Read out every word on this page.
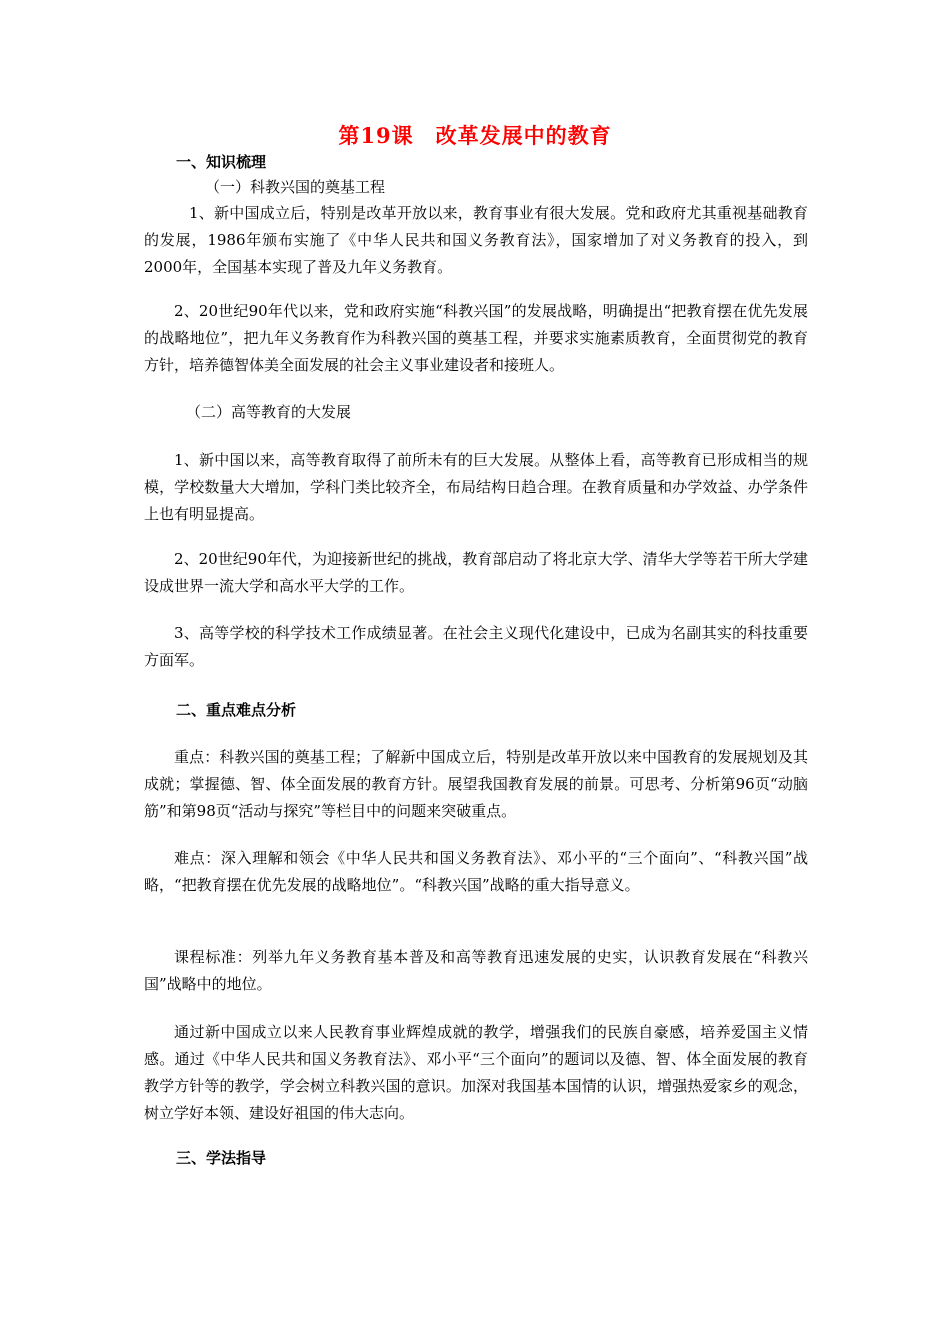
第19课　改革发展中的教育
一、知识梳理
（一）科教兴国的奠基工程

1、新中国成立后，特别是改革开放以来，教育事业有很大发展。党和政府尤其重视基础教育的发展，1986年颁布实施了《中华人民共和国义务教育法》，国家增加了对义务教育的投入，到2000年，全国基本实现了普及九年义务教育。

2、20世纪90年代以来，党和政府实施“科教兴国”的发展战略，明确提出“把教育摆在优先发展的战略地位”，把九年义务教育作为科教兴国的奠基工程，并要求实施素质教育，全面贯彻党的教育方针，培养德智体美全面发展的社会主义事业建设者和接班人。

（二）高等教育的大发展

1、新中国以来，高等教育取得了前所未有的巨大发展。从整体上看，高等教育已形成相当的规模，学校数量大大增加，学科门类比较齐全，布局结构日趋合理。在教育质量和办学效益、办学条件上也有明显提高。

2、20世纪90年代，为迎接新世纪的挑战，教育部启动了将北京大学、清华大学等若干所大学建设成世界一流大学和高水平大学的工作。

3、高等学校的科学技术工作成绩显著。在社会主义现代化建设中，已成为名副其实的科技重要方面军。

二、重点难点分析

重点：科教兴国的奠基工程；了解新中国成立后，特别是改革开放以来中国教育的发展规划及其成就；掌握德、智、体全面发展的教育方针。展望我国教育发展的前景。可思考、分析第96页“动脑筋”和第98页“活动与探究”等栏目中的问题来突破重点。

难点：深入理解和领会《中华人民共和国义务教育法》、邓小平的“三个面向”、“科教兴国”战略，“把教育摆在优先发展的战略地位”。“科教兴国”战略的重大指导意义。

课程标准：列举九年义务教育基本普及和高等教育迅速发展的史实，认识教育发展在“科教兴国”战略中的地位。

通过新中国成立以来人民教育事业辉煌成就的教学，增强我们的民族自豪感，培养爱国主义情感。通过《中华人民共和国义务教育法》、邓小平“三个面向”的题词以及德、智、体全面发展的教育教学方针等的教学，学会树立科教兴国的意识。加深对我国基本国情的认识，增强热爱家乡的观念，树立学好本领、建设好祖国的伟大志向。

三、学法指导
